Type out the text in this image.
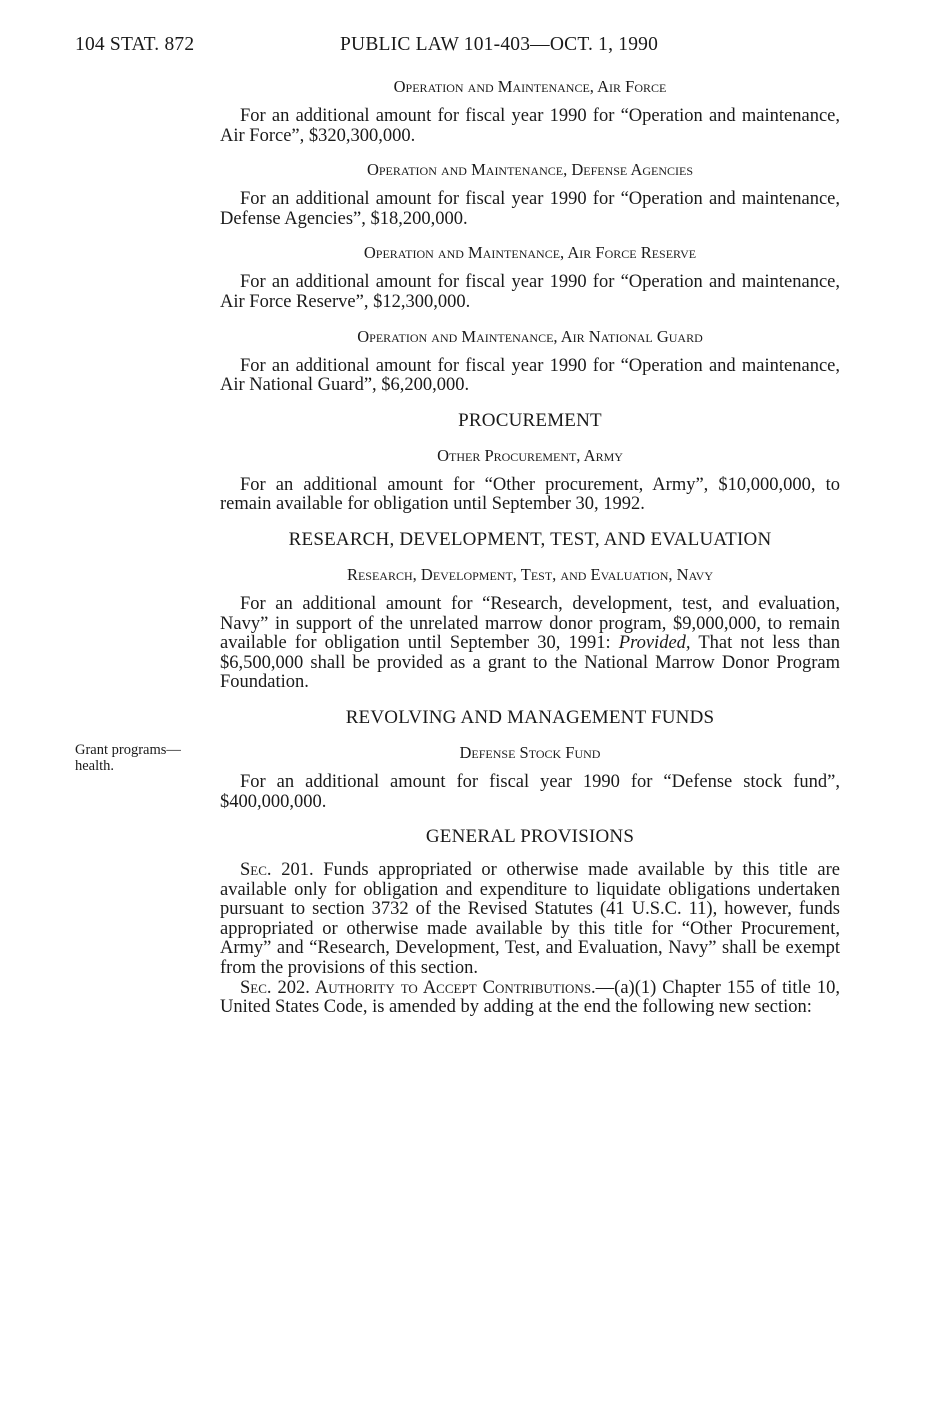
104 STAT. 872	PUBLIC LAW 101-403—OCT. 1, 1990
Grant programs— health.
Operation and Maintenance, Air Force

For an additional amount for fiscal year 1990 for “Operation and maintenance, Air Force”, $320,300,000.

Operation and Maintenance, Defense Agencies

For an additional amount for fiscal year 1990 for “Operation and maintenance, Defense Agencies”, $18,200,000.

Operation and Maintenance, Air Force Reserve

For an additional amount for fiscal year 1990 for “Operation and maintenance, Air Force Reserve”, $12,300,000.

Operation and Maintenance, Air National Guard

For an additional amount for fiscal year 1990 for “Operation and maintenance, Air National Guard”, $6,200,000.

PROCUREMENT
Other Procurement, Army

For an additional amount for “Other procurement, Army”, $10,000,000, to remain available for obligation until September 30, 1992.

RESEARCH, DEVELOPMENT, TEST, AND EVALUATION
Research, Development, Test, and Evaluation, Navy

For an additional amount for “Research, development, test, and evaluation, Navy” in support of the unrelated marrow donor program, $9,000,000, to remain available for obligation until September 30, 1991: Provided, That not less than $6,500,000 shall be provided as a grant to the National Marrow Donor Program Foundation.

REVOLVING AND MANAGEMENT FUNDS
Defense Stock Fund

For an additional amount for fiscal year 1990 for “Defense stock fund”, $400,000,000.

GENERAL PROVISIONS

Sec. 201. Funds appropriated or otherwise made available by this title are available only for obligation and expenditure to liquidate obligations undertaken pursuant to section 3732 of the Revised Statutes (41 U.S.C. 11), however, funds appropriated or otherwise made available by this title for “Other Procurement, Army” and “Research, Development, Test, and Evaluation, Navy” shall be exempt from the provisions of this section.

Sec. 202. Authority to Accept Contributions.—(a)(1) Chapter 155 of title 10, United States Code, is amended by adding at the end the following new section:
